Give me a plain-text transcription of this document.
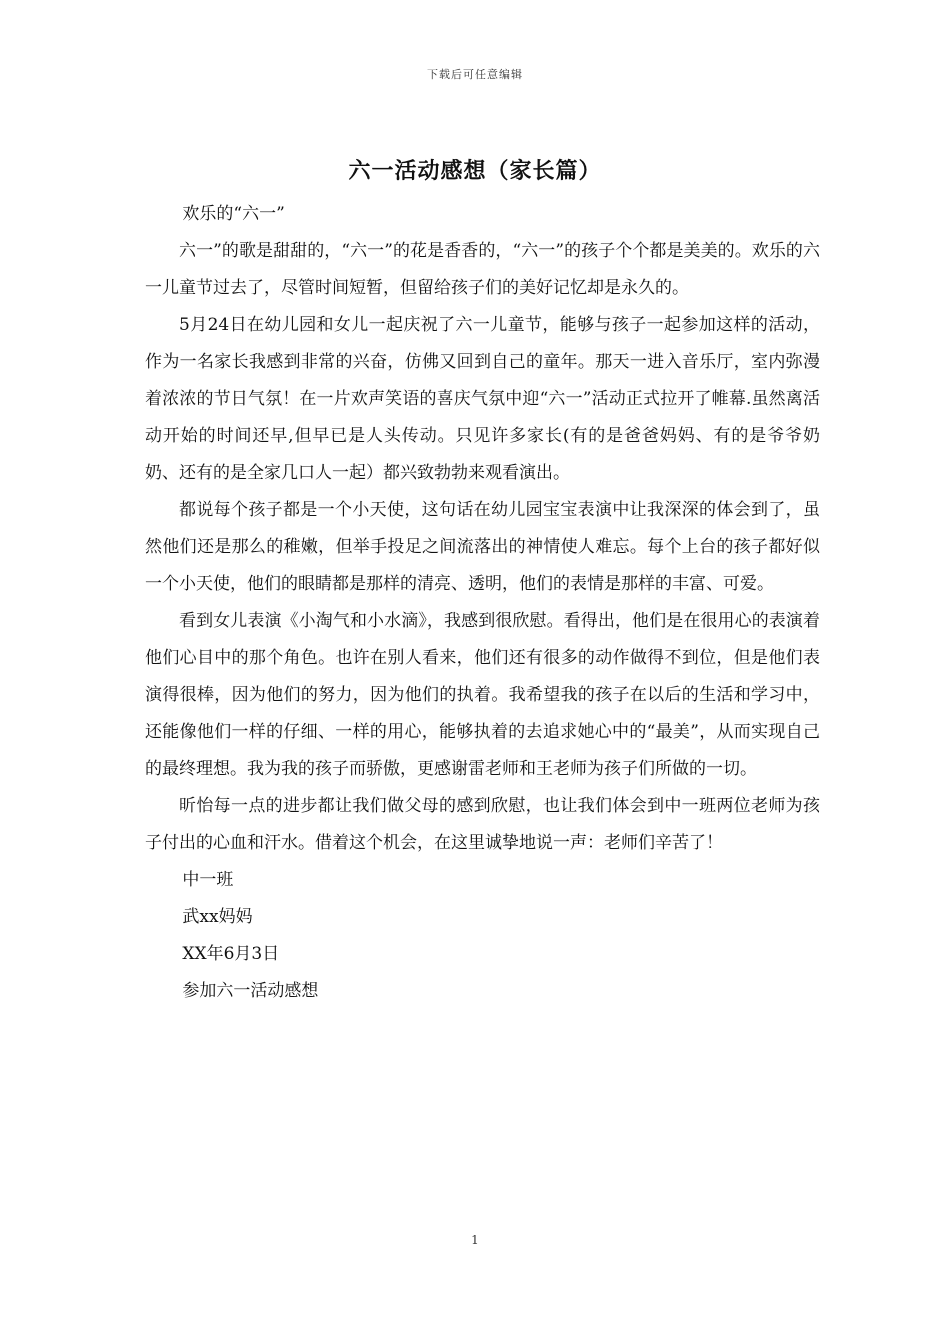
下载后可任意编辑
六一活动感想（家长篇）

欢乐的“六一”

六一”的歌是甜甜的，“六一”的花是香香的，“六一”的孩子个个都是美美的。欢乐的六一儿童节过去了，尽管时间短暂，但留给孩子们的美好记忆却是永久的。

5月24日在幼儿园和女儿一起庆祝了六一儿童节，能够与孩子一起参加这样的活动，作为一名家长我感到非常的兴奋，仿佛又回到自己的童年。那天一进入音乐厅，室内弥漫着浓浓的节日气氛！在一片欢声笑语的喜庆气氛中迎“六一”活动正式拉开了帷幕.虽然离活动开始的时间还早,但早已是人头传动。只见许多家长(有的是爸爸妈妈、有的是爷爷奶奶、还有的是全家几口人一起）都兴致勃勃来观看演出。

都说每个孩子都是一个小天使，这句话在幼儿园宝宝表演中让我深深的体会到了，虽然他们还是那么的稚嫩，但举手投足之间流落出的神情使人难忘。每个上台的孩子都好似一个小天使，他们的眼睛都是那样的清亮、透明，他们的表情是那样的丰富、可爱。

看到女儿表演《小淘气和小水滴》，我感到很欣慰。看得出，他们是在很用心的表演着他们心目中的那个角色。也许在别人看来，他们还有很多的动作做得不到位，但是他们表演得很棒，因为他们的努力，因为他们的执着。我希望我的孩子在以后的生活和学习中，还能像他们一样的仔细、一样的用心，能够执着的去追求她心中的“最美”，从而实现自己的最终理想。我为我的孩子而骄傲，更感谢雷老师和王老师为孩子们所做的一切。

昕怡每一点的进步都让我们做父母的感到欣慰，也让我们体会到中一班两位老师为孩子付出的心血和汗水。借着这个机会，在这里诚挚地说一声：老师们辛苦了！

中一班

武xx妈妈

XX年6月3日

参加六一活动感想

1
